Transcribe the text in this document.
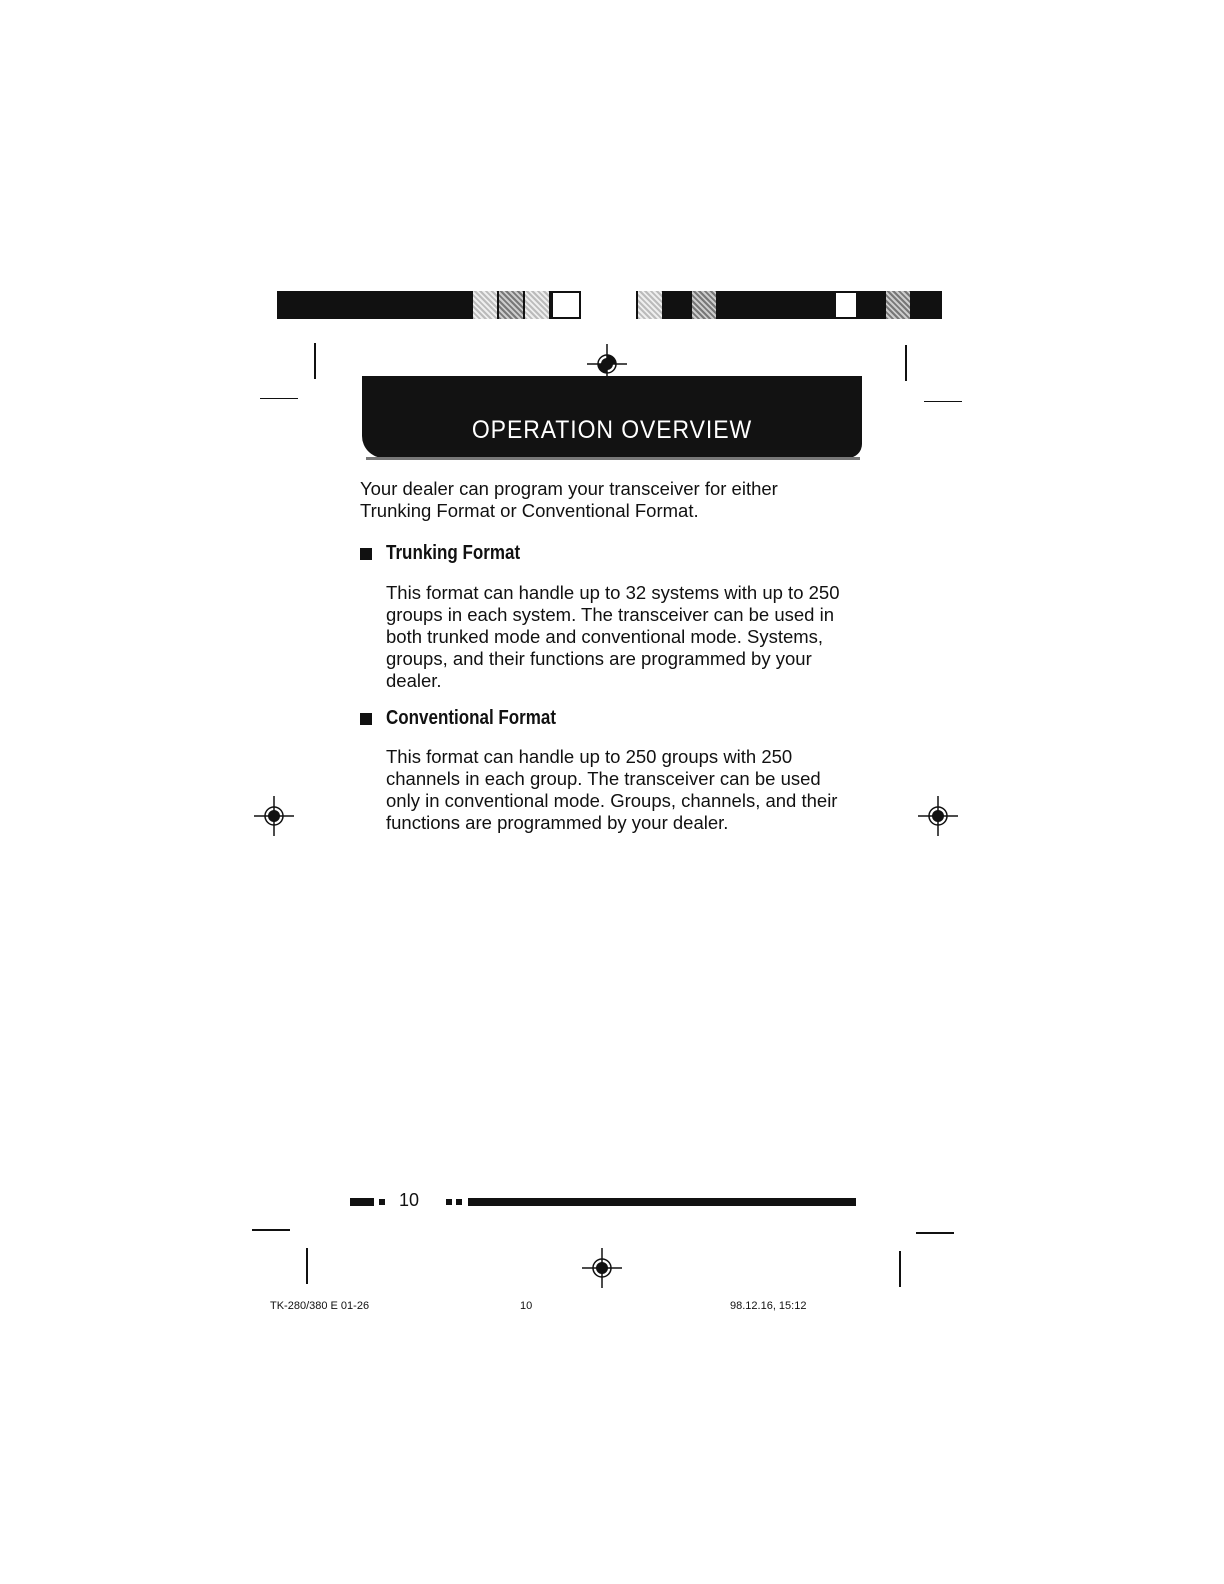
OPERATION OVERVIEW
Your dealer can program your transceiver for either Trunking Format or Conventional Format.
Trunking Format
This format can handle up to 32 systems with up to 250 groups in each system. The transceiver can be used in both trunked mode and conventional mode. Systems, groups, and their functions are programmed by your dealer.
Conventional Format
This format can handle up to 250 groups with 250 channels in each group. The transceiver can be used only in conventional mode. Groups, channels, and their functions are programmed by your dealer.
10
TK-280/380 E 01-26	10	98.12.16, 15:12
